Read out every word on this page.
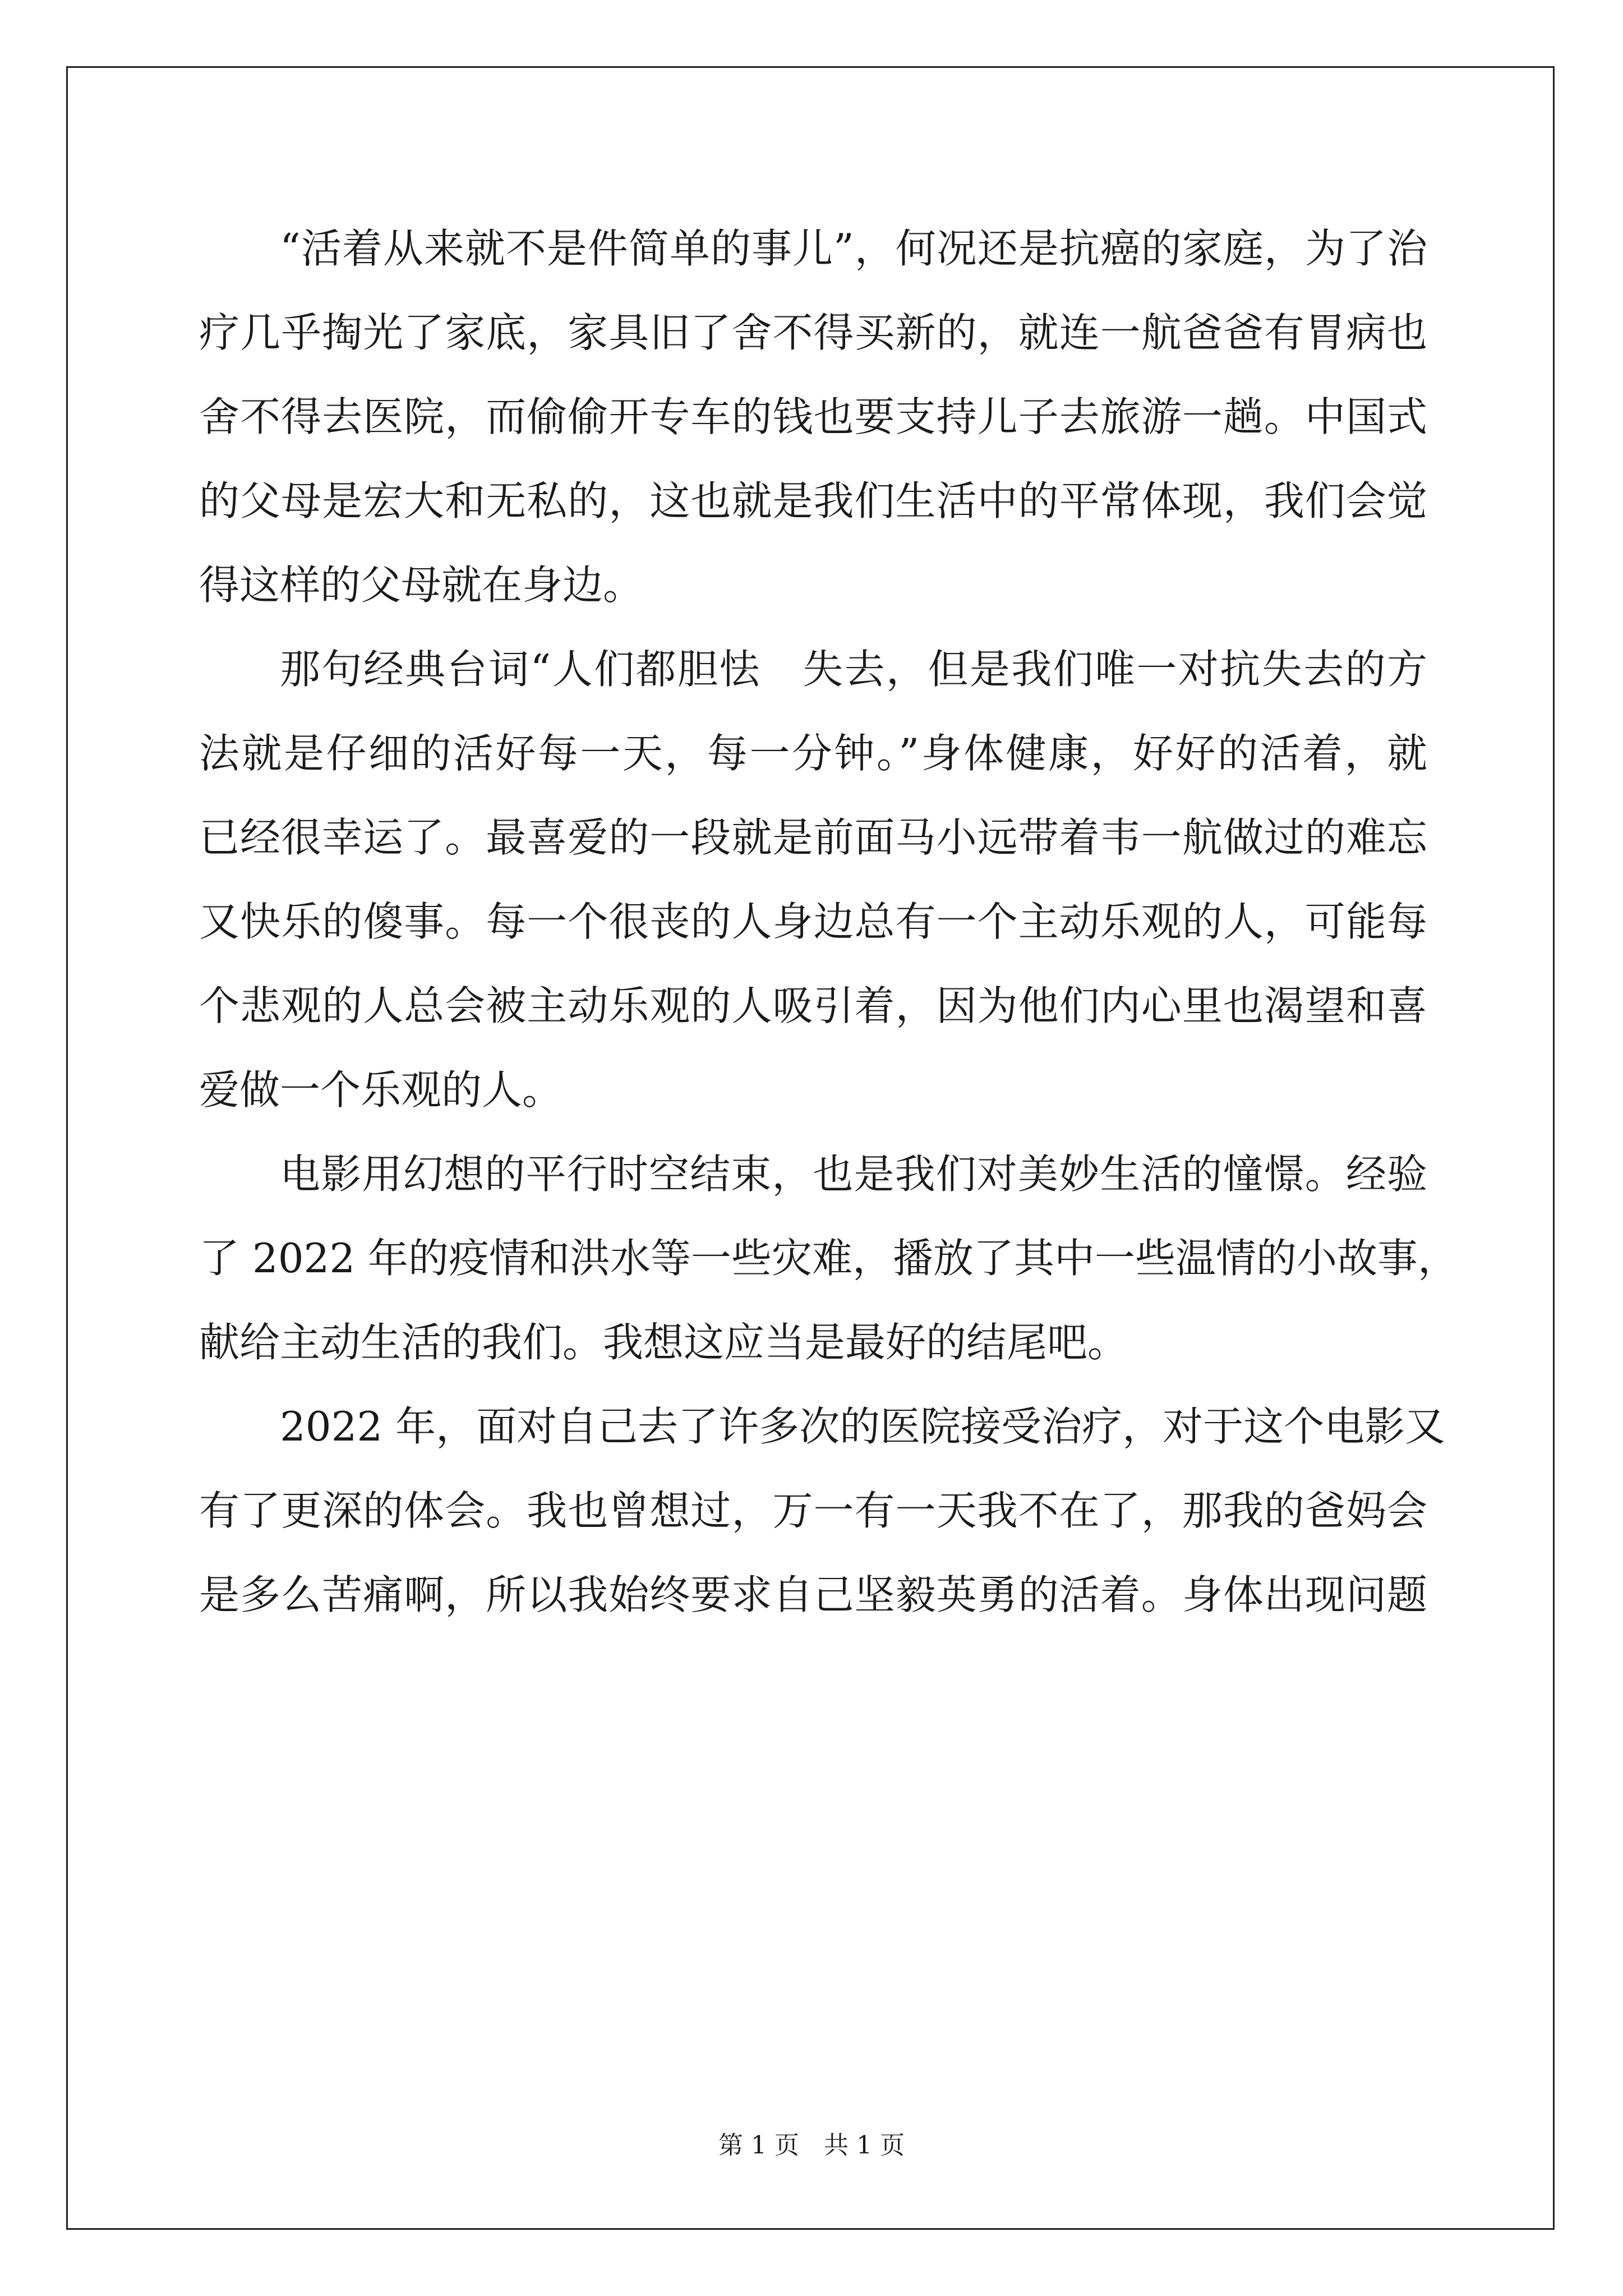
“活着从来就不是件简单的事儿”，何况还是抗癌的家庭，为了治
疗几乎掏光了家底，家具旧了舍不得买新的，就连一航爸爸有胃病也
舍不得去医院，而偷偷开专车的钱也要支持儿子去旅游一趟。中国式
的父母是宏大和无私的，这也就是我们生活中的平常体现，我们会觉
得这样的父母就在身边。
那句经典台词“人们都胆怯　失去，但是我们唯一对抗失去的方
法就是仔细的活好每一天，每一分钟。”身体健康，好好的活着，就
已经很幸运了。最喜爱的一段就是前面马小远带着韦一航做过的难忘
又快乐的傻事。每一个很丧的人身边总有一个主动乐观的人，可能每
个悲观的人总会被主动乐观的人吸引着，因为他们内心里也渴望和喜
爱做一个乐观的人。
电影用幻想的平行时空结束，也是我们对美妙生活的憧憬。经验
了 2022 年的疫情和洪水等一些灾难，播放了其中一些温情的小故事，
献给主动生活的我们。我想这应当是最好的结尾吧。
2022 年，面对自己去了许多次的医院接受治疗，对于这个电影又
有了更深的体会。我也曾想过，万一有一天我不在了，那我的爸妈会
是多么苦痛啊，所以我始终要求自己坚毅英勇的活着。身体出现问题
第 1 页 共 1 页
